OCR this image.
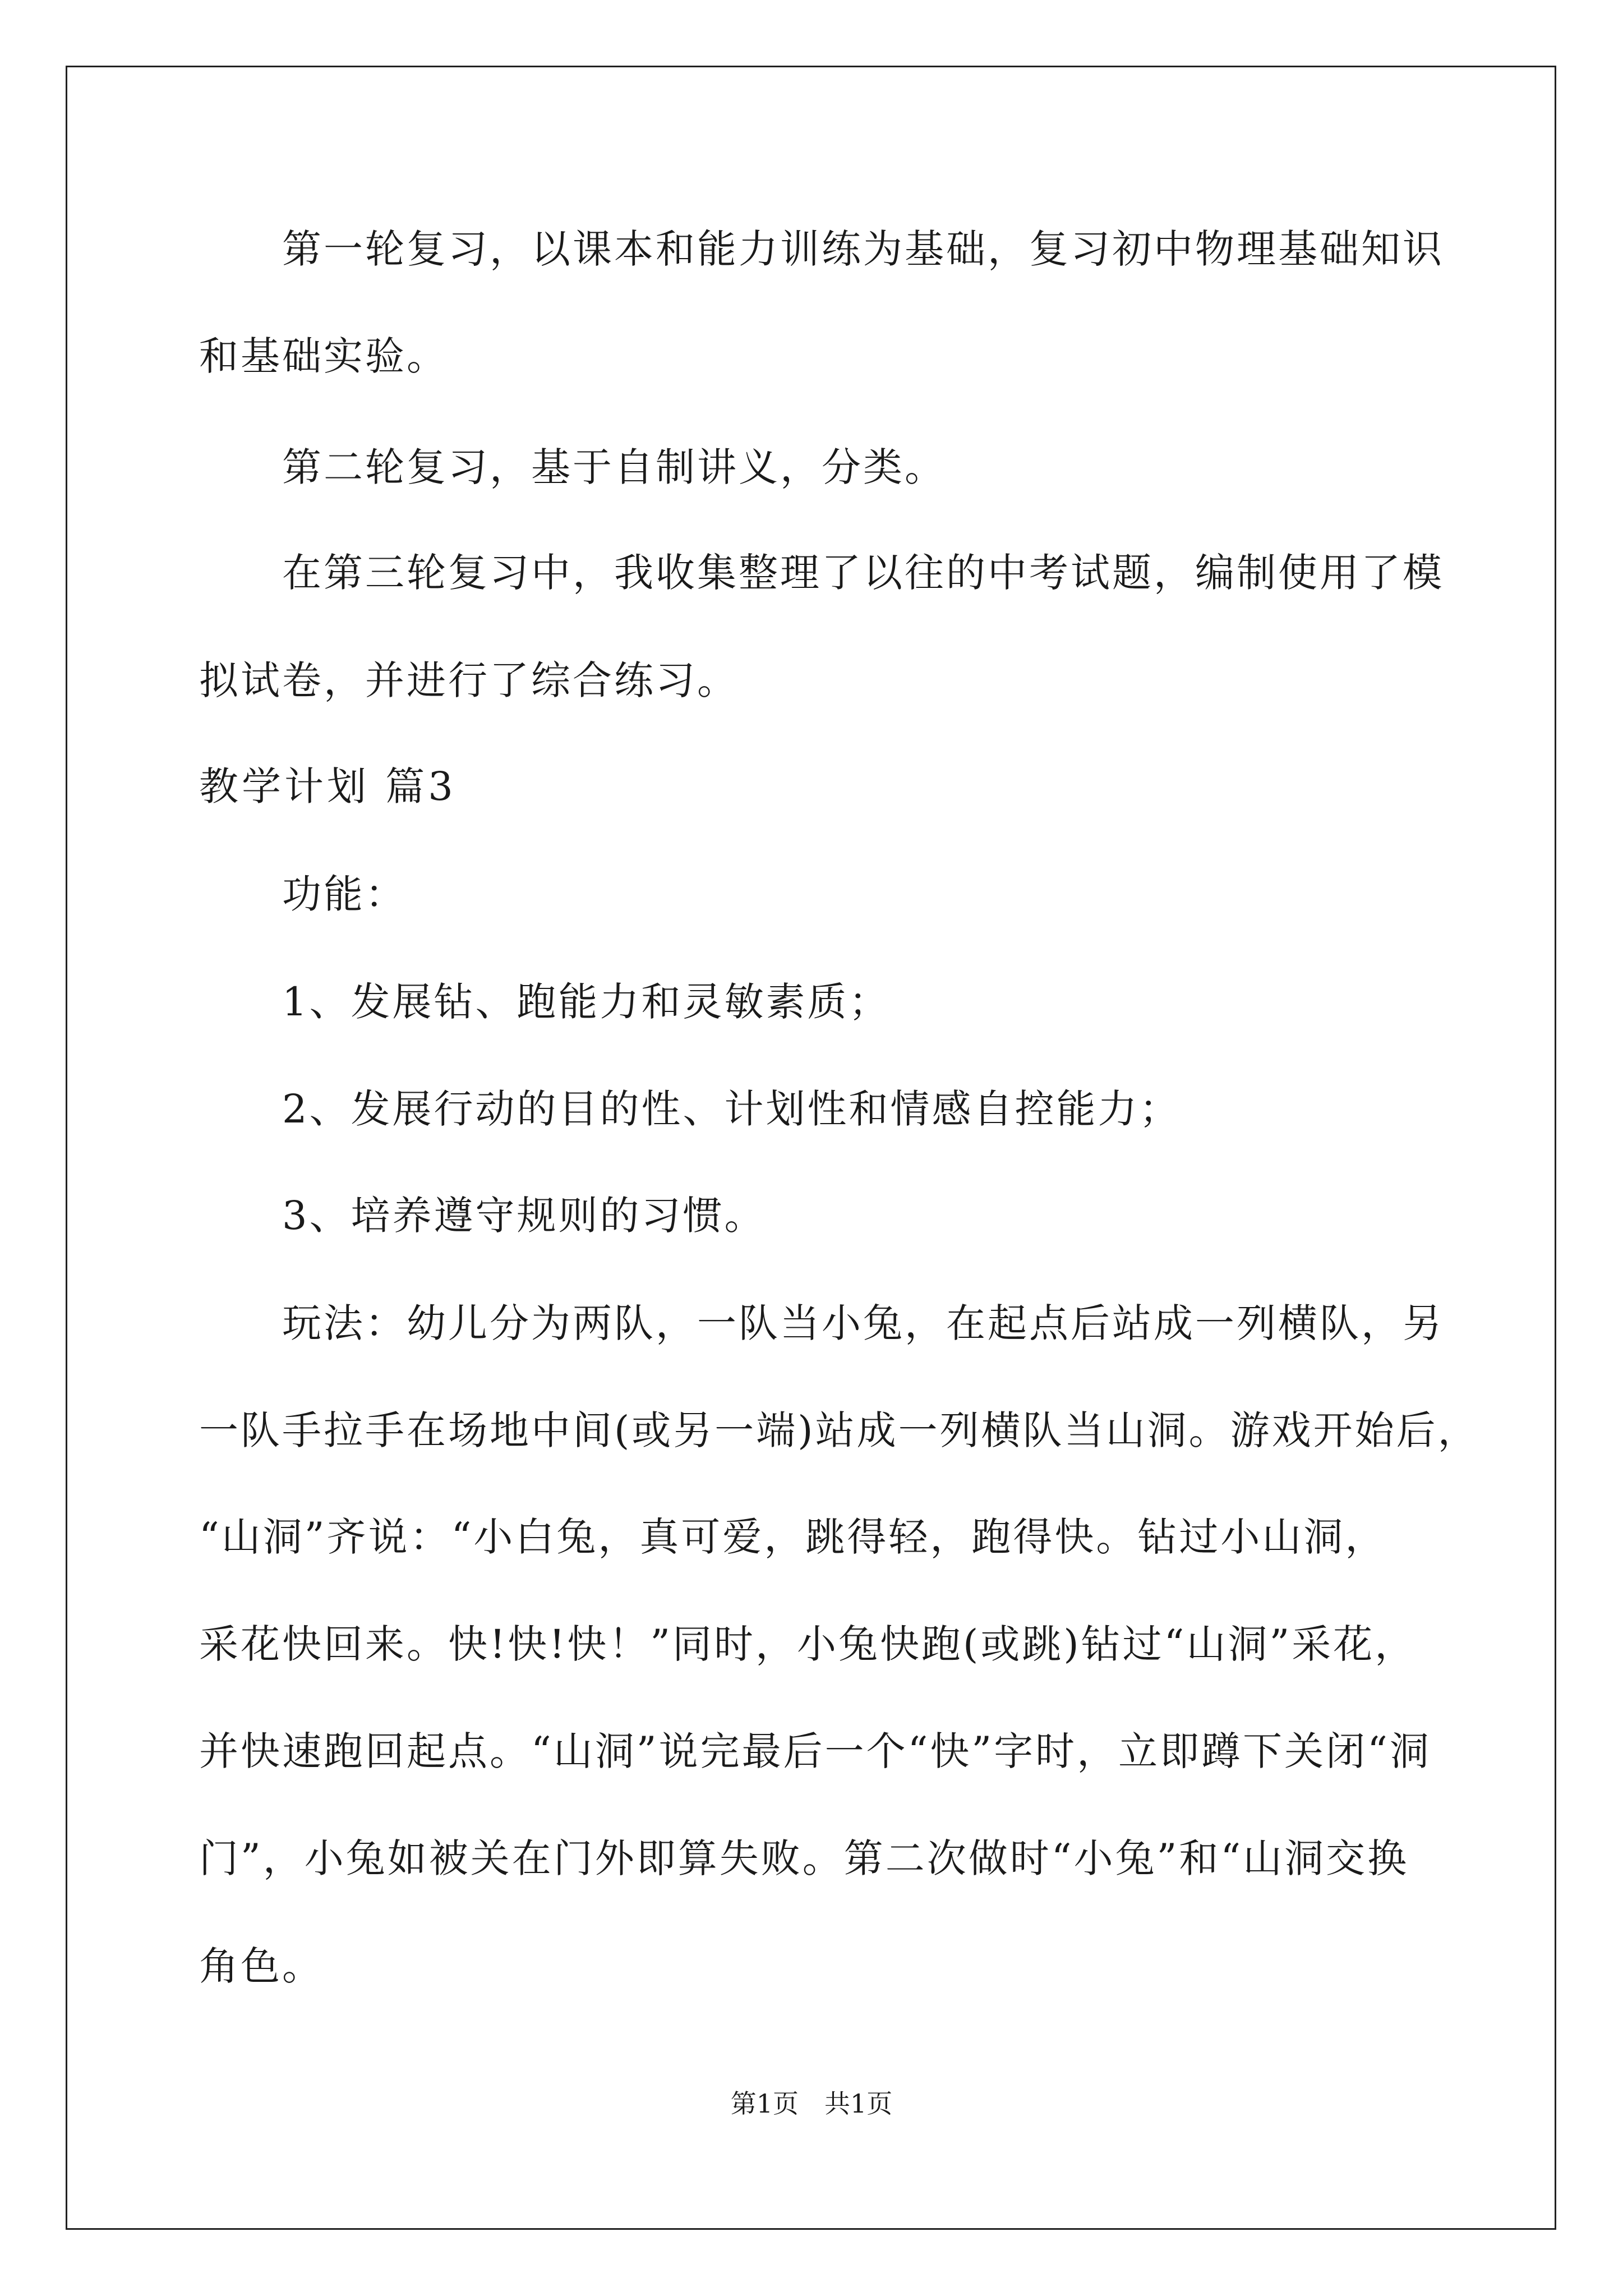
第一轮复习，以课本和能力训练为基础，复习初中物理基础知识
和基础实验。
第二轮复习，基于自制讲义，分类。
在第三轮复习中，我收集整理了以往的中考试题，编制使用了模
拟试卷，并进行了综合练习。
教学计划 篇3
功能：
1、发展钻、跑能力和灵敏素质；
2、发展行动的目的性、计划性和情感自控能力；
3、培养遵守规则的习惯。
玩法：幼儿分为两队，一队当小兔，在起点后站成一列横队，另
一队手拉手在场地中间(或另一端)站成一列横队当山洞。游戏开始后，
“山洞”齐说：“小白兔，真可爱，跳得轻，跑得快。钻过小山洞，
采花快回来。快!快!快！”同时，小兔快跑(或跳)钻过“山洞”采花，
并快速跑回起点。“山洞”说完最后一个“快”字时，立即蹲下关闭“洞
门”，小兔如被关在门外即算失败。第二次做时“小兔”和“山洞交换
角色。
第1页　共1页
